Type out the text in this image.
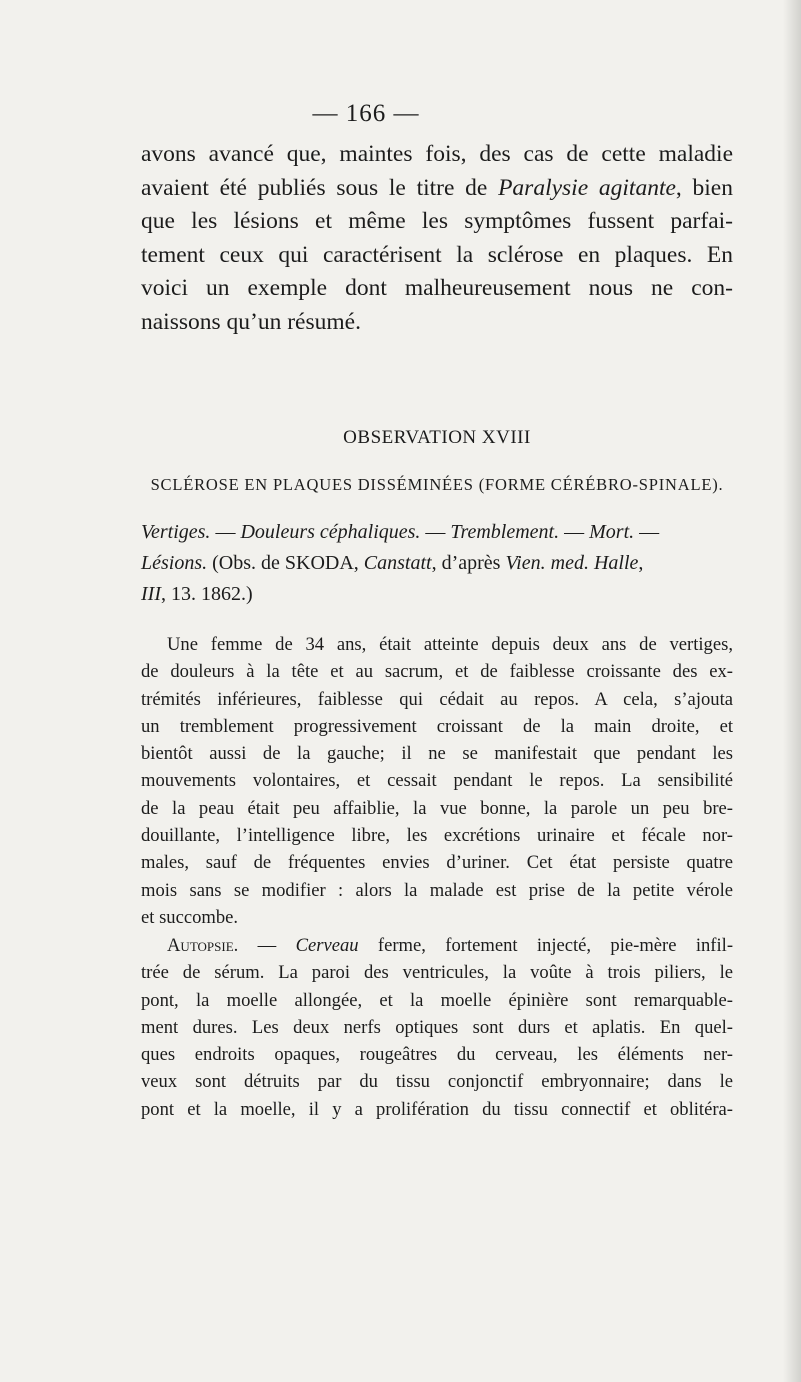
— 166 —
avons avancé que, maintes fois, des cas de cette maladie
avaient été publiés sous le titre de Paralysie agitante, bien
que les lésions et même les symptômes fussent parfai-
tement ceux qui caractérisent la sclérose en plaques. En
voici un exemple dont malheureusement nous ne con-
naissons qu’un résumé.
OBSERVATION XVIII
SCLÉROSE EN PLAQUES DISSÉMINÉES (FORME CÉRÉBRO-SPINALE).
Vertiges. — Douleurs céphaliques. — Tremblement. — Mort. —
Lésions. (Obs. de SKODA, Canstatt, d’après Vien. med. Halle,
III, 13. 1862.)
Une femme de 34 ans, était atteinte depuis deux ans de vertiges,
de douleurs à la tête et au sacrum, et de faiblesse croissante des ex-
trémités inférieures, faiblesse qui cédait au repos. A cela, s’ajouta
un tremblement progressivement croissant de la main droite, et
bientôt aussi de la gauche; il ne se manifestait que pendant les
mouvements volontaires, et cessait pendant le repos. La sensibilité
de la peau était peu affaiblie, la vue bonne, la parole un peu bre-
douillante, l’intelligence libre, les excrétions urinaire et fécale nor-
males, sauf de fréquentes envies d’uriner. Cet état persiste quatre
mois sans se modifier : alors la malade est prise de la petite vérole
et succombe.
Autopsie. — Cerveau ferme, fortement injecté, pie-mère infil-
trée de sérum. La paroi des ventricules, la voûte à trois piliers, le
pont, la moelle allongée, et la moelle épinière sont remarquable-
ment dures. Les deux nerfs optiques sont durs et aplatis. En quel-
ques endroits opaques, rougeâtres du cerveau, les éléments ner-
veux sont détruits par du tissu conjonctif embryonnaire; dans le
pont et la moelle, il y a prolifération du tissu connectif et oblitéra-
